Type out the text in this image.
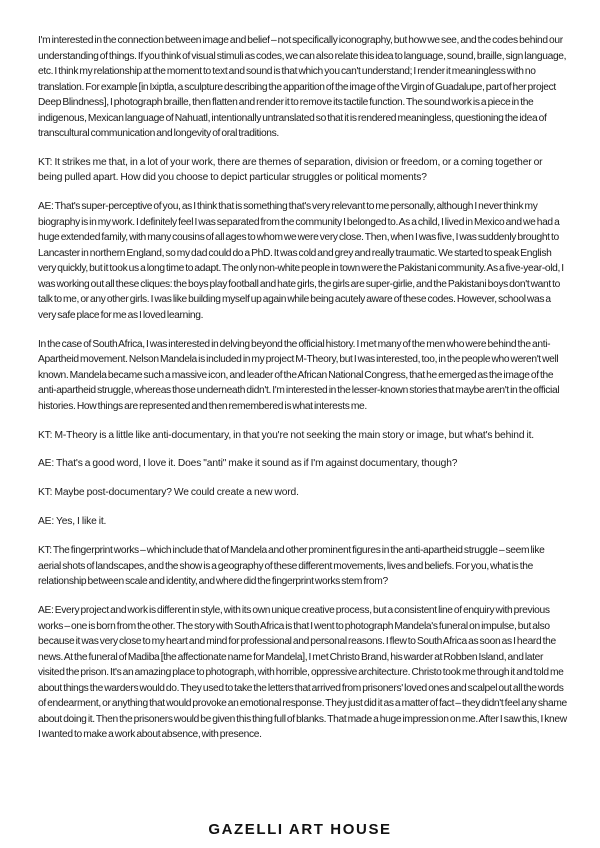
I'm interested in the connection between image and belief – not specifically iconography, but how we see, and the codes behind our understanding of things. If you think of visual stimuli as codes, we can also relate this idea to language, sound, braille, sign language, etc. I think my relationship at the moment to text and sound is that which you can't understand; I render it meaningless with no translation. For example [in Ixiptla, a sculpture describing the apparition of the image of the Virgin of Guadalupe, part of her project Deep Blindness], I photograph braille, then flatten and render it to remove its tactile function. The sound work is a piece in the indigenous, Mexican language of Nahuatl, intentionally untranslated so that it is rendered meaningless, questioning the idea of transcultural communication and longevity of oral traditions.

KT: It strikes me that, in a lot of your work, there are themes of separation, division or freedom, or a coming together or being pulled apart. How did you choose to depict particular struggles or political moments?

AE: That's super-perceptive of you, as I think that is something that's very relevant to me personally, although I never think my biography is in my work. I definitely feel I was separated from the community I belonged to. As a child, I lived in Mexico and we had a huge extended family, with many cousins of all ages to whom we were very close. Then, when I was five, I was suddenly brought to Lancaster in northern England, so my dad could do a PhD. It was cold and grey and really traumatic. We started to speak English very quickly, but it took us a long time to adapt. The only non-white people in town were the Pakistani community. As a five-year-old, I was working out all these cliques: the boys play football and hate girls, the girls are super-girlie, and the Pakistani boys don't want to talk to me, or any other girls. I was like building myself up again while being acutely aware of these codes. However, school was a very safe place for me as I loved learning.

In the case of South Africa, I was interested in delving beyond the official history. I met many of the men who were behind the anti-Apartheid movement. Nelson Mandela is included in my project M-Theory, but I was interested, too, in the people who weren't well known. Mandela became such a massive icon, and leader of the African National Congress, that he emerged as the image of the anti-apartheid struggle, whereas those underneath didn't. I'm interested in the lesser-known stories that maybe aren't in the official histories. How things are represented and then remembered is what interests me.

KT: M-Theory is a little like anti-documentary, in that you're not seeking the main story or image, but what's behind it.

AE: That's a good word, I love it. Does "anti" make it sound as if I'm against documentary, though?

KT: Maybe post-documentary? We could create a new word.

AE: Yes, I like it.

KT: The fingerprint works – which include that of Mandela and other prominent figures in the anti-apartheid struggle – seem like aerial shots of landscapes, and the show is a geography of these different movements, lives and beliefs. For you, what is the relationship between scale and identity, and where did the fingerprint works stem from?

AE: Every project and work is different in style, with its own unique creative process, but a consistent line of enquiry with previous works – one is born from the other. The story with South Africa is that I went to photograph Mandela's funeral on impulse, but also because it was very close to my heart and mind for professional and personal reasons. I flew to South Africa as soon as I heard the news. At the funeral of Madiba [the affectionate name for Mandela], I met Christo Brand, his warder at Robben Island, and later visited the prison. It's an amazing place to photograph, with horrible, oppressive architecture. Christo took me through it and told me about things the warders would do. They used to take the letters that arrived from prisoners' loved ones and scalpel out all the words of endearment, or anything that would provoke an emotional response. They just did it as a matter of fact – they didn't feel any shame about doing it. Then the prisoners would be given this thing full of blanks. That made a huge impression on me. After I saw this, I knew I wanted to make a work about absence, with presence.

GAZELLI ART HOUSE
